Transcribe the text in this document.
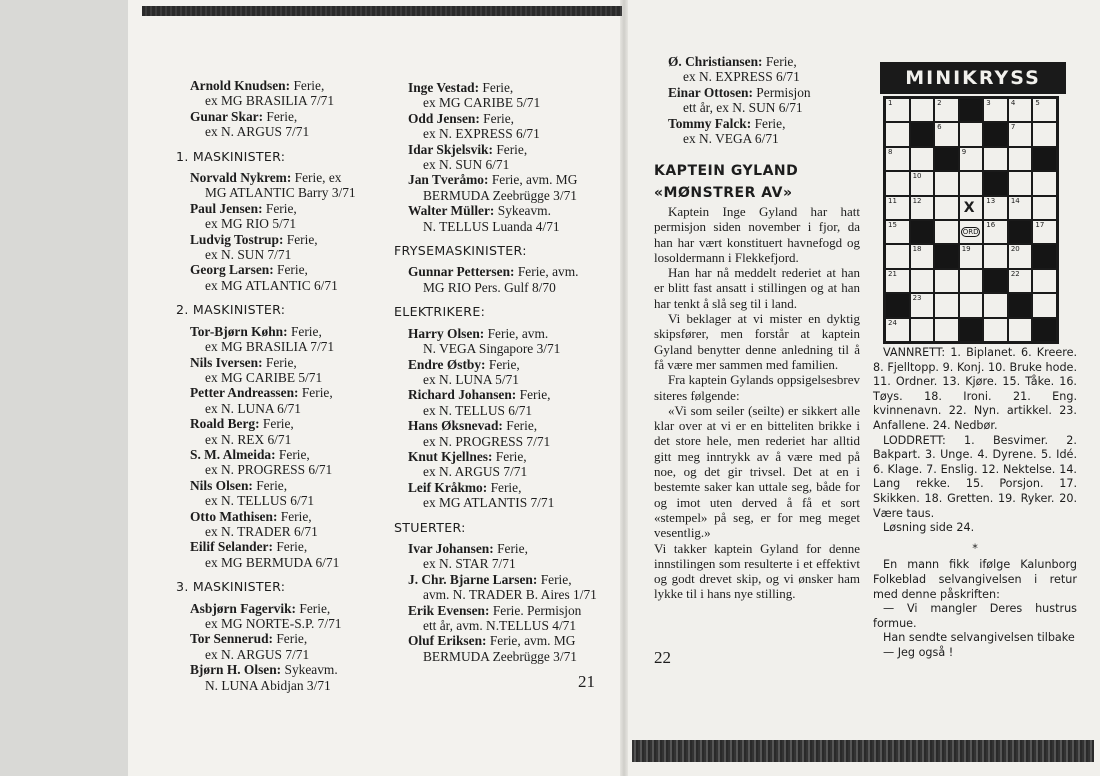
Arnold Knudsen: Ferie,
ex MG BRASILIA 7/71
Gunar Skar: Ferie,
ex N. ARGUS 7/71
1. MASKINISTER:
Norvald Nykrem: Ferie, ex
MG ATLANTIC Barry 3/71
Paul Jensen: Ferie,
ex MG RIO 5/71
Ludvig Tostrup: Ferie,
ex N. SUN 7/71
Georg Larsen: Ferie,
ex MG ATLANTIC 6/71
2. MASKINISTER:
Tor-Bjørn Køhn: Ferie,
ex MG BRASILIA 7/71
Nils Iversen: Ferie,
ex MG CARIBE 5/71
Petter Andreassen: Ferie,
ex N. LUNA 6/71
Roald Berg: Ferie,
ex N. REX 6/71
S. M. Almeida: Ferie,
ex N. PROGRESS 6/71
Nils Olsen: Ferie,
ex N. TELLUS 6/71
Otto Mathisen: Ferie,
ex N. TRADER 6/71
Eilif Selander: Ferie,
ex MG BERMUDA 6/71
3. MASKINISTER:
Asbjørn Fagervik: Ferie,
ex MG NORTE-S.P. 7/71
Tor Sennerud: Ferie,
ex N. ARGUS 7/71
Bjørn H. Olsen: Sykeavm.
N. LUNA Abidjan 3/71
Inge Vestad: Ferie,
ex MG CARIBE 5/71
Odd Jensen: Ferie,
ex N. EXPRESS 6/71
Idar Skjelsvik: Ferie,
ex N. SUN 6/71
Jan Tveråmo: Ferie, avm. MG
BERMUDA Zeebrügge 3/71
Walter Müller: Sykeavm.
N. TELLUS Luanda 4/71
FRYSEMASKINISTER:
Gunnar Pettersen: Ferie, avm.
MG RIO Pers. Gulf 8/70
ELEKTRIKERE:
Harry Olsen: Ferie, avm.
N. VEGA Singapore 3/71
Endre Østby: Ferie,
ex N. LUNA 5/71
Richard Johansen: Ferie,
ex N. TELLUS 6/71
Hans Øksnevad: Ferie,
ex N. PROGRESS 7/71
Knut Kjellnes: Ferie,
ex N. ARGUS 7/71
Leif Kråkmo: Ferie,
ex MG ATLANTIS 7/71
STUERTER:
Ivar Johansen: Ferie,
ex N. STAR 7/71
J. Chr. Bjarne Larsen: Ferie,
avm. N. TRADER B. Aires 1/71
Erik Evensen: Ferie. Permisjon
ett år, avm. N.TELLUS 4/71
Oluf Eriksen: Ferie, avm. MG
BERMUDA Zeebrügge 3/71
21
Ø. Christiansen: Ferie,
ex N. EXPRESS 6/71
Einar Ottosen: Permisjon
ett år, ex N. SUN 6/71
Tommy Falck: Ferie,
ex N. VEGA 6/71
KAPTEIN GYLAND
«MØNSTRER AV»

Kaptein Inge Gyland har hatt permisjon siden november i fjor, da han har vært konstituert havnefogd og losoldermann i Flekkefjord.

Han har nå meddelt rederiet at han er blitt fast ansatt i stillingen og at han har tenkt å slå seg til i land.

Vi beklager at vi mister en dyktig skipsfører, men forstår at kaptein Gyland benytter denne anledning til å få være mer sammen med familien.

Fra kaptein Gylands oppsigelsesbrev siteres følgende:

«Vi som seiler (seilte) er sikkert alle klar over at vi er en bitteliten brikke i det store hele, men rederiet har alltid gitt meg inntrykk av å være med på noe, og det gir trivsel. Det at en i bestemte saker kan uttale seg, både for og imot uten derved å få et sort «stempel» på seg, er for meg meget vesentlig.»

Vi takker kaptein Gyland for denne innstilingen som resulterte i et effektivt og godt drevet skip, og vi ønsker ham lykke til i hans nye stilling.

22
MINIKRYSS
1	2	3	4	5
6	7
8	9
10
11 12	X 13 14
15
ORD
16	17
18	19	20
21	22
23
24

VANNRETT: 1. Biplanet. 6. Kreere. 8. Fjelltopp. 9. Konj. 10. Bruke hode. 11. Ordner. 13. Kjøre. 15. Tåke. 16. Tøys. 18. Ironi. 21. Eng. kvinnenavn. 22. Nyn. artikkel. 23. Anfallene. 24. Nedbør.

LODDRETT: 1. Besvimer. 2. Bakpart. 3. Unge. 4. Dyrene. 5. Idé. 6. Klage. 7. Enslig. 12. Nektelse. 14. Lang rekke. 15. Porsjon. 17. Skikken. 18. Gretten. 19. Ryker. 20. Være taus.

Løsning side 24.

*

En mann fikk ifølge Kalunborg Folkeblad selvangivelsen i retur med denne påskriften:

— Vi mangler Deres hustrus formue.

Han sendte selvangivelsen tilbake

— Jeg også !
